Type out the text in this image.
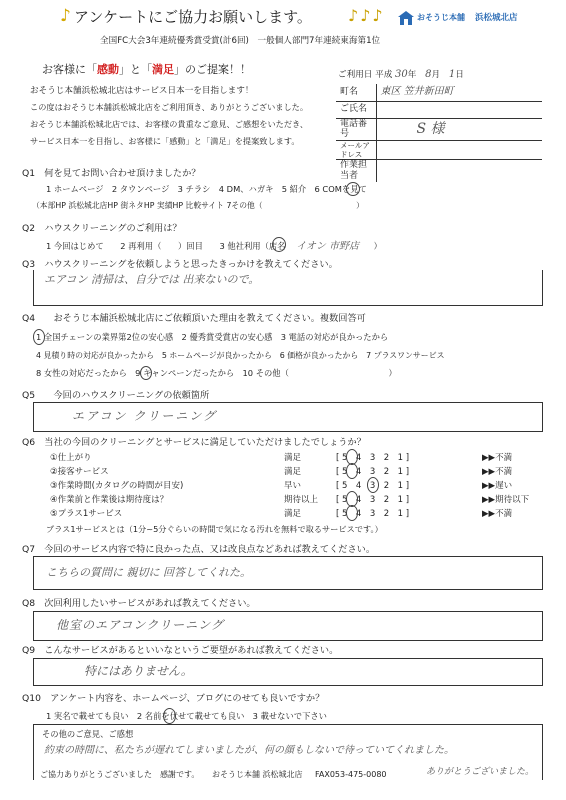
♪ アンケートにご協力お願いします。 ♪♪♪	おそうじ本舗 浜松城北店
全国FC大会3年連続優秀賞受賞(計6回)　一般個人部門7年連続東海第1位
お客様に「感動」と「満足」のご提案！！
おそうじ本舗浜松城北店はサービス日本一を目指します！
この度はおそうじ本舗浜松城北店をご利用頂き、ありがとうございました。
おそうじ本舗浜松城北店では、お客様の貴重なご意見、ご感想をいただき、
サービス日本一を目指し、お客様に「感動」と「満足」を提案致します。
ご利用日 平成 30年 8月 1日
町名	東区 笠井新田町
ご氏名	
電話番号	S 様
メールアドレス	
作業担当者	
Q1　何を見てお問い合わせ頂けましたか？
1 ホームページ　2 タウンページ　3 チラシ　4 DM、ハガキ　5 紹介　6 COMを見て
（本部HP 浜松城北店HP 街ネタHP 実績HP 比較サイト 7その他（　　　　　　　　　　　　）
Q2　ハウスクリーニングのご利用は？
1 今回はじめて　　2 再利用（　　）回目　　3 他社利用（店名 イオン 市野店 ）
Q3　ハウスクリーニングを依頼しようと思ったきっかけを教えてください。
エアコン 清掃は、自分では 出来ないので。
Q4　　おそうじ本舗浜松城北店にご依頼頂いた理由を教えてください。複数回答可
1 全国チェーンの業界第2位の安心感　2 優秀賞受賞店の安心感　3 電話の対応が良かったから
4 見積り時の対応が良かったから　5 ホームページが良かったから　6 価格が良かったから　7 プラスワンサービス
8 女性の対応だったから　9 キャンペーンだったから　10 その他（　　　　　　　　　　　　）
Q5　　今回のハウスクリーニングの依頼箇所
エアコン クリーニング
Q6　当社の今回のクリーニングとサービスに満足していただけましたでしょうか？
①仕上がり	満足	[ 5　4　3　2　1 ]	▶▶不満
②接客サービス	満足	[ 5　4　3　2　1 ]	▶▶不満
③作業時間(カタログの時間が目安)	早い	[ 5　4　3　2　1 ]	▶▶遅い
④作業前と作業後は期待度は？	期待以上 [ 5　4　3　2　1 ]	▶▶期待以下
⑤プラス1サービス	満足	[ 5　4　3　2　1 ]	▶▶不満
プラス1サービスとは（1分~5分ぐらいの時間で気になる汚れを無料で取るサービスです。）
Q7　今回のサービス内容で特に良かった点、又は改良点などあれば教えてください。
こちらの質問に 親切に 回答してくれた。
Q8　次回利用したいサービスがあれば教えてください。
他室のエアコンクリーニング
Q9　こんなサービスがあるといいなというご要望があれば教えてください。
特にはありません。
Q10　アンケート内容を、ホームページ、ブログにのせても良いですか？
1 実名で載せても良い　2 名前を伏せて載せても良い　3 載せないで下さい
その他のご意見、ご感想
約束の時間に、私たちが遅れてしまいましたが、何の顔もしないで待っていてくれました。
ありがとうございました。
ご協力ありがとうございました　感謝です。 おそうじ本舗 浜松城北店 FAX053-475-0080
